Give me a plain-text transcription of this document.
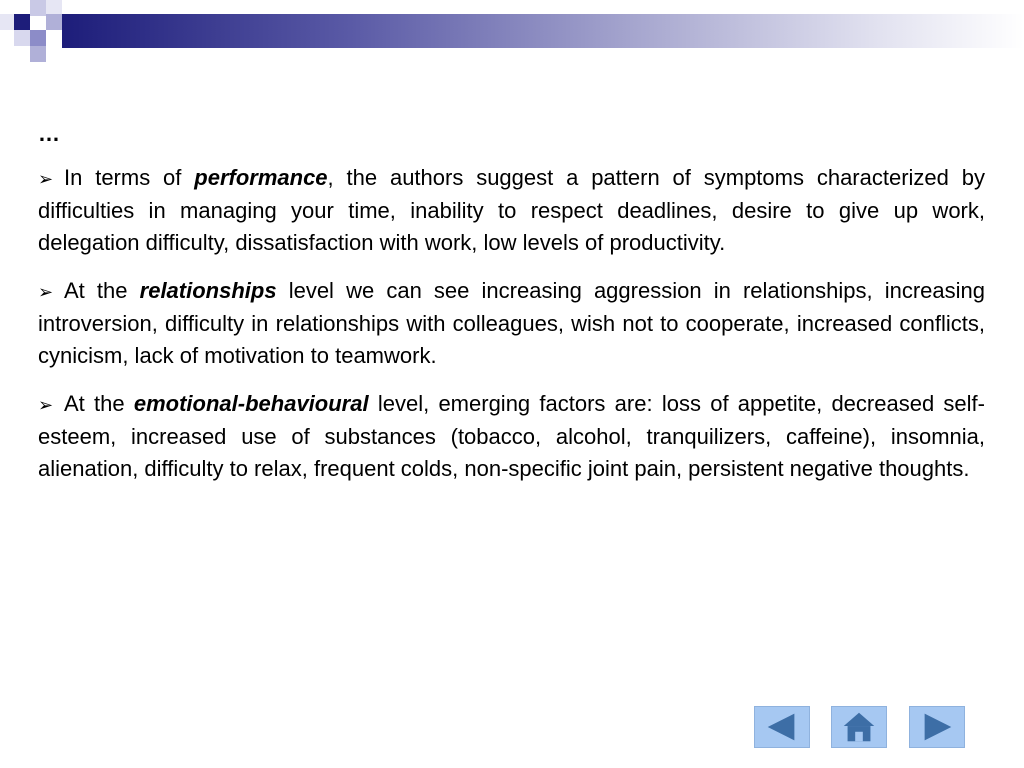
…

➢ In terms of performance, the authors suggest a pattern of symptoms characterized by difficulties in managing your time, inability to respect deadlines, desire to give up work, delegation difficulty, dissatisfaction with work, low levels of productivity.

➢ At the relationships level we can see increasing aggression in relationships, increasing introversion, difficulty in relationships with colleagues, wish not to cooperate, increased conflicts, cynicism, lack of motivation to teamwork.

➢ At the emotional-behavioural level, emerging factors are: loss of appetite, decreased self-esteem, increased use of substances (tobacco, alcohol, tranquilizers, caffeine), insomnia, alienation, difficulty to relax, frequent colds, non-specific joint pain, persistent negative thoughts.
